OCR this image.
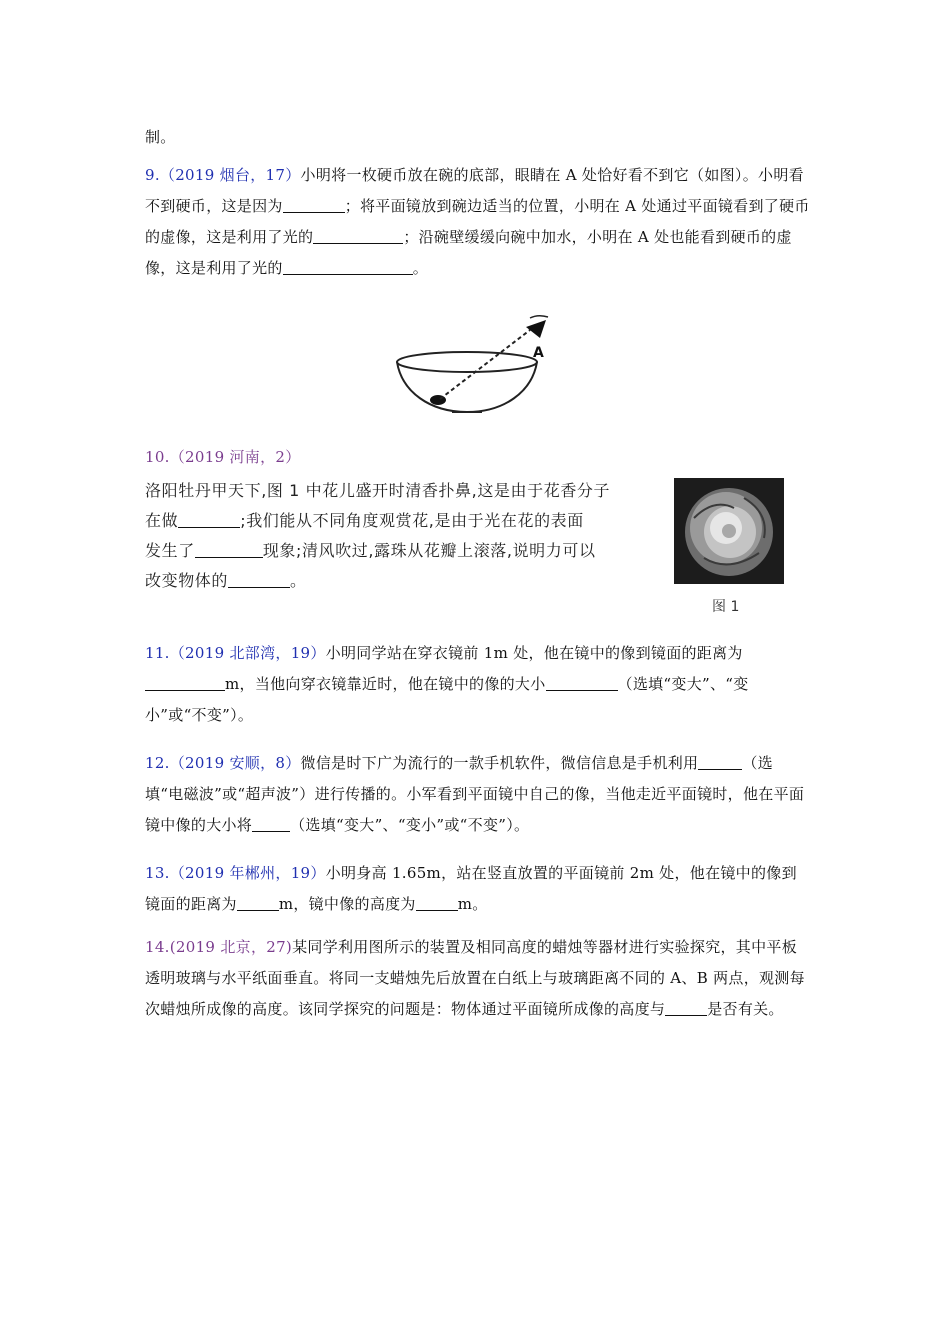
制。
9.（2019 烟台，17）小明将一枚硬币放在碗的底部，眼睛在 A 处恰好看不到它（如图）。小明看不到硬币，这是因为	；将平面镜放到碗边适当的位置，小明在 A 处通过平面镜看到了硬币的虚像，这是利用了光的	；沿碗壁缓缓向碗中加水，小明在 A 处也能看到硬币的虚像，这是利用了光的	。
A
10.（2019 河南，2）
洛阳牡丹甲天下,图 1 中花儿盛开时清香扑鼻,这是由于花香分子
在做	;我们能从不同角度观赏花,是由于光在花的表面
发生了	现象;清风吹过,露珠从花瓣上滚落,说明力可以
改变物体的	。
图 1
11.（2019 北部湾，19）小明同学站在穿衣镜前 1m 处，他在镜中的像到镜面的距离为m，当他向穿衣镜靠近时，他在镜中的像的大小	（选填“变大”、“变小”或“不变”）。
12.（2019 安顺，8）微信是时下广为流行的一款手机软件，微信信息是手机利用	（选填“电磁波”或“超声波”）进行传播的。小军看到平面镜中自己的像，当他走近平面镜时，他在平面镜中像的大小将	（选填“变大”、“变小”或“不变”）。
13.（2019 年郴州，19）小明身高 1.65m，站在竖直放置的平面镜前 2m 处，他在镜中的像到镜面的距离为	m，镜中像的高度为	m。
14.(2019 北京，27)某同学利用图所示的装置及相同高度的蜡烛等器材进行实验探究，其中平板透明玻璃与水平纸面垂直。将同一支蜡烛先后放置在白纸上与玻璃距离不同的 A、B 两点，观测每次蜡烛所成像的高度。该同学探究的问题是：物体通过平面镜所成像的高度与	是否有关。
